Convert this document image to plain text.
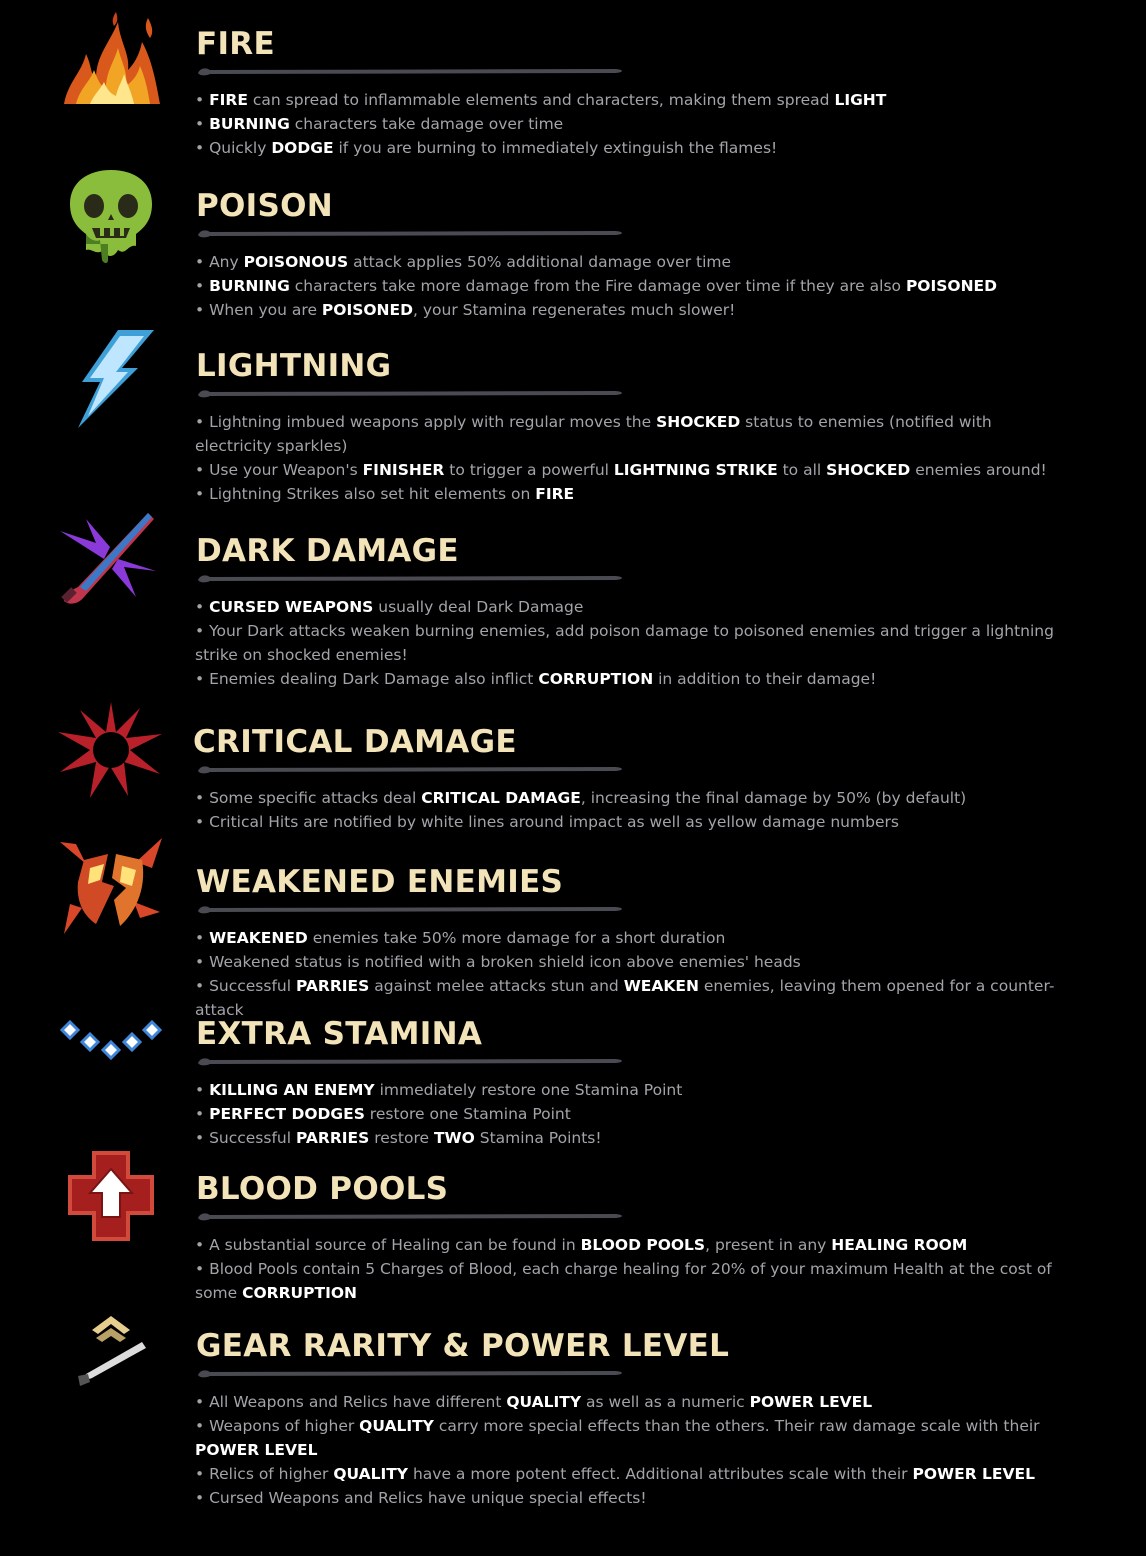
FIRE
• FIRE can spread to inflammable elements and characters, making them spread LIGHT
• BURNING characters take damage over time
• Quickly DODGE if you are burning to immediately extinguish the flames!
POISON
• Any POISONOUS attack applies 50% additional damage over time
• BURNING characters take more damage from the Fire damage over time if they are also POISONED
• When you are POISONED, your Stamina regenerates much slower!
LIGHTNING
• Lightning imbued weapons apply with regular moves the SHOCKED status to enemies (notified with electricity sparkles)
• Use your Weapon's FINISHER to trigger a powerful LIGHTNING STRIKE to all SHOCKED enemies around!
• Lightning Strikes also set hit elements on FIRE
DARK DAMAGE
• CURSED WEAPONS usually deal Dark Damage
• Your Dark attacks weaken burning enemies, add poison damage to poisoned enemies and trigger a lightning strike on shocked enemies!
• Enemies dealing Dark Damage also inflict CORRUPTION in addition to their damage!
CRITICAL DAMAGE
• Some specific attacks deal CRITICAL DAMAGE, increasing the final damage by 50% (by default)
• Critical Hits are notified by white lines around impact as well as yellow damage numbers
WEAKENED ENEMIES
• WEAKENED enemies take 50% more damage for a short duration
• Weakened status is notified with a broken shield icon above enemies' heads
• Successful PARRIES against melee attacks stun and WEAKEN enemies, leaving them opened for a counter-attack
EXTRA STAMINA
• KILLING AN ENEMY immediately restore one Stamina Point
• PERFECT DODGES restore one Stamina Point
• Successful PARRIES restore TWO Stamina Points!
BLOOD POOLS
• A substantial source of Healing can be found in BLOOD POOLS, present in any HEALING ROOM
• Blood Pools contain 5 Charges of Blood, each charge healing for 20% of your maximum Health at the cost of some CORRUPTION
GEAR RARITY & POWER LEVEL
• All Weapons and Relics have different QUALITY as well as a numeric POWER LEVEL
• Weapons of higher QUALITY carry more special effects than the others. Their raw damage scale with their POWER LEVEL
• Relics of higher QUALITY have a more potent effect. Additional attributes scale with their POWER LEVEL
• Cursed Weapons and Relics have unique special effects!
